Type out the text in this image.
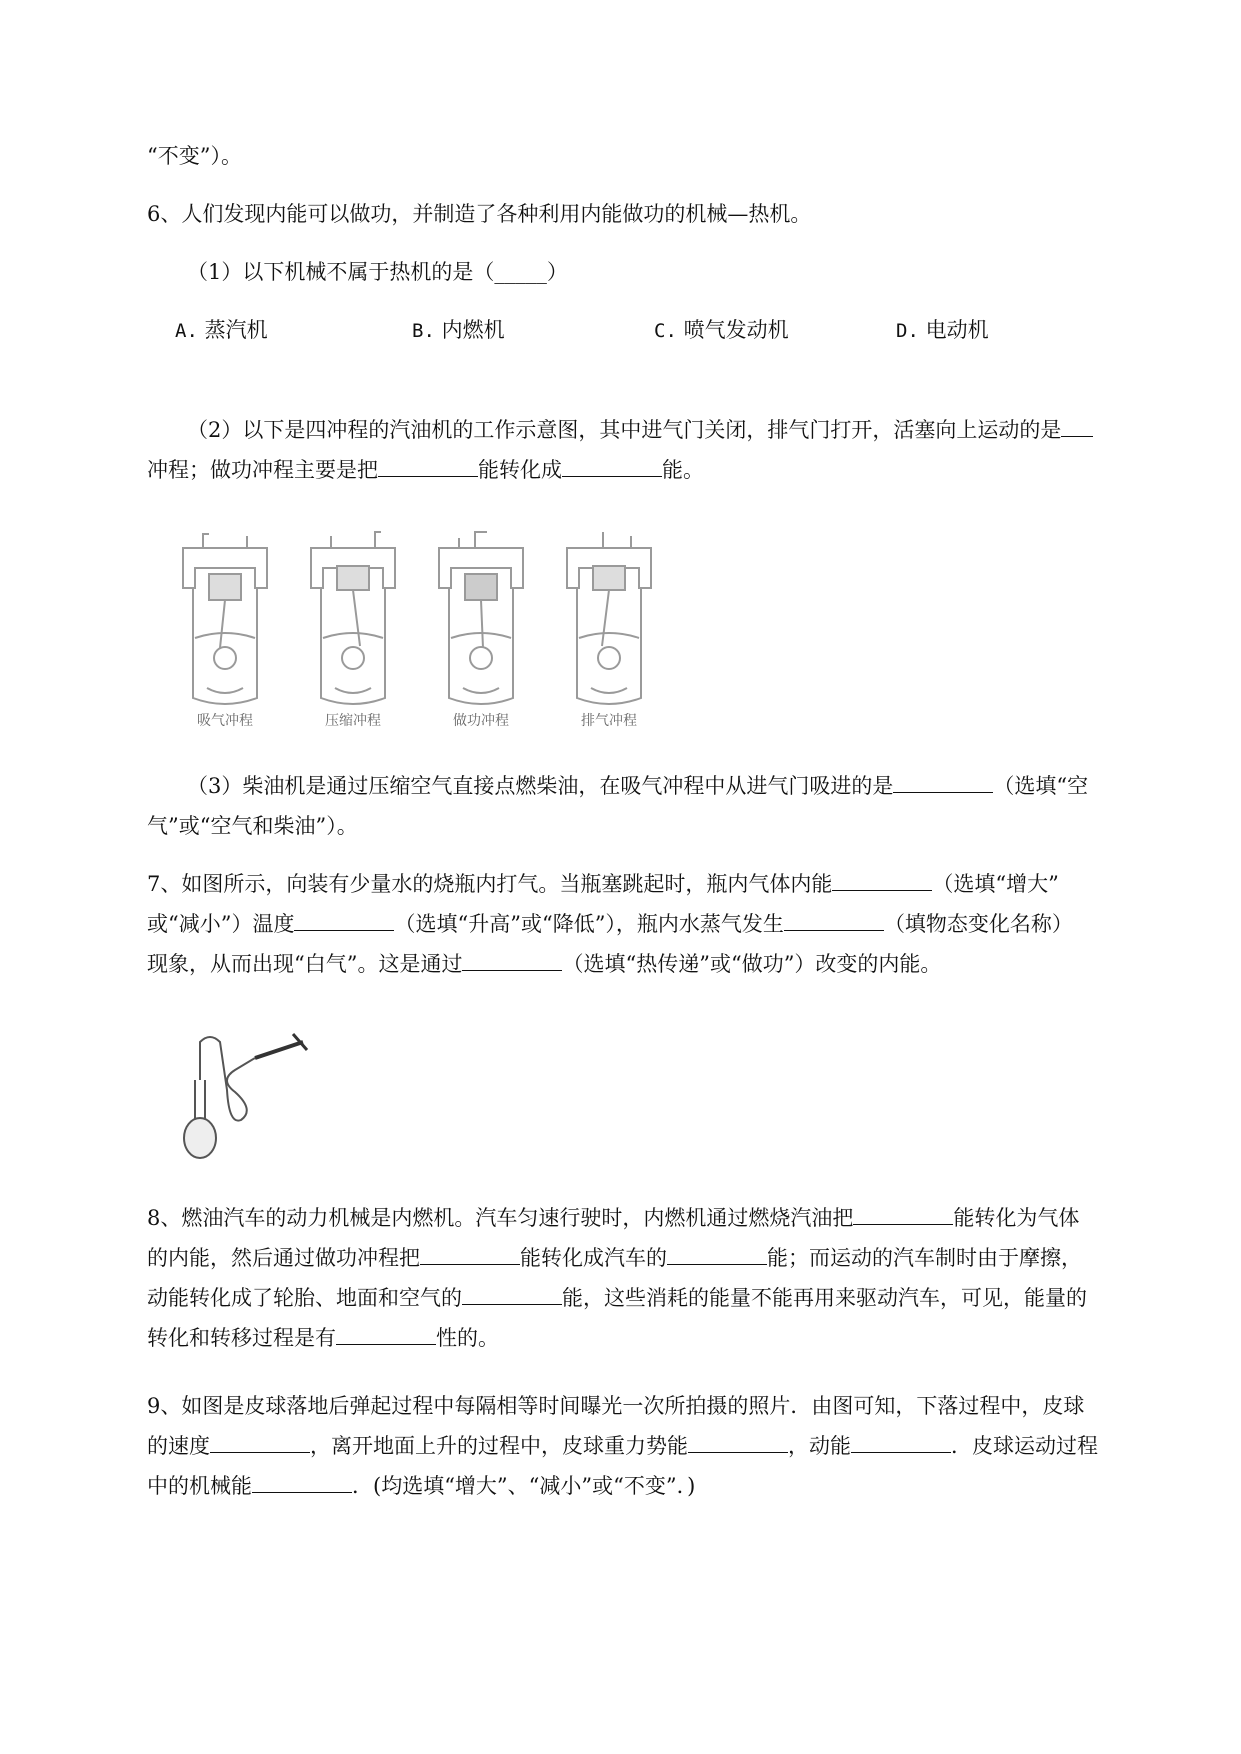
“不变”）。
6、人们发现内能可以做功，并制造了各种利用内能做功的机械—热机。
（1）以下机械不属于热机的是（_____）
A. 蒸汽机	B. 内燃机	C. 喷气发动机	D. 电动机
（2）以下是四冲程的汽油机的工作示意图，其中进气门关闭，排气门打开，活塞向上运动的是
冲程；做功冲程主要是把	能转化成	能。
吸气冲程	压缩冲程	做功冲程	排气冲程
（3）柴油机是通过压缩空气直接点燃柴油，在吸气冲程中从进气门吸进的是	（选填“空
气”或“空气和柴油”）。
7、如图所示，向装有少量水的烧瓶内打气。当瓶塞跳起时，瓶内气体内能	（选填“增大”
或“减小”）温度	（选填“升高”或“降低”），瓶内水蒸气发生	（填物态变化名称）
现象，从而出现“白气”。这是通过	（选填“热传递”或“做功”）改变的内能。
8、燃油汽车的动力机械是内燃机。汽车匀速行驶时，内燃机通过燃烧汽油把	能转化为气体
的内能，然后通过做功冲程把	能转化成汽车的	能；而运动的汽车制时由于摩擦，
动能转化成了轮胎、地面和空气的	能，这些消耗的能量不能再用来驱动汽车，可见，能量的
转化和转移过程是有	性的。
9、如图是皮球落地后弹起过程中每隔相等时间曝光一次所拍摄的照片．由图可知，下落过程中，皮球
的速度	，离开地面上升的过程中，皮球重力势能	，动能	．皮球运动过程
中的机械能	．(均选填“增大”、“减小”或“不变”．)
